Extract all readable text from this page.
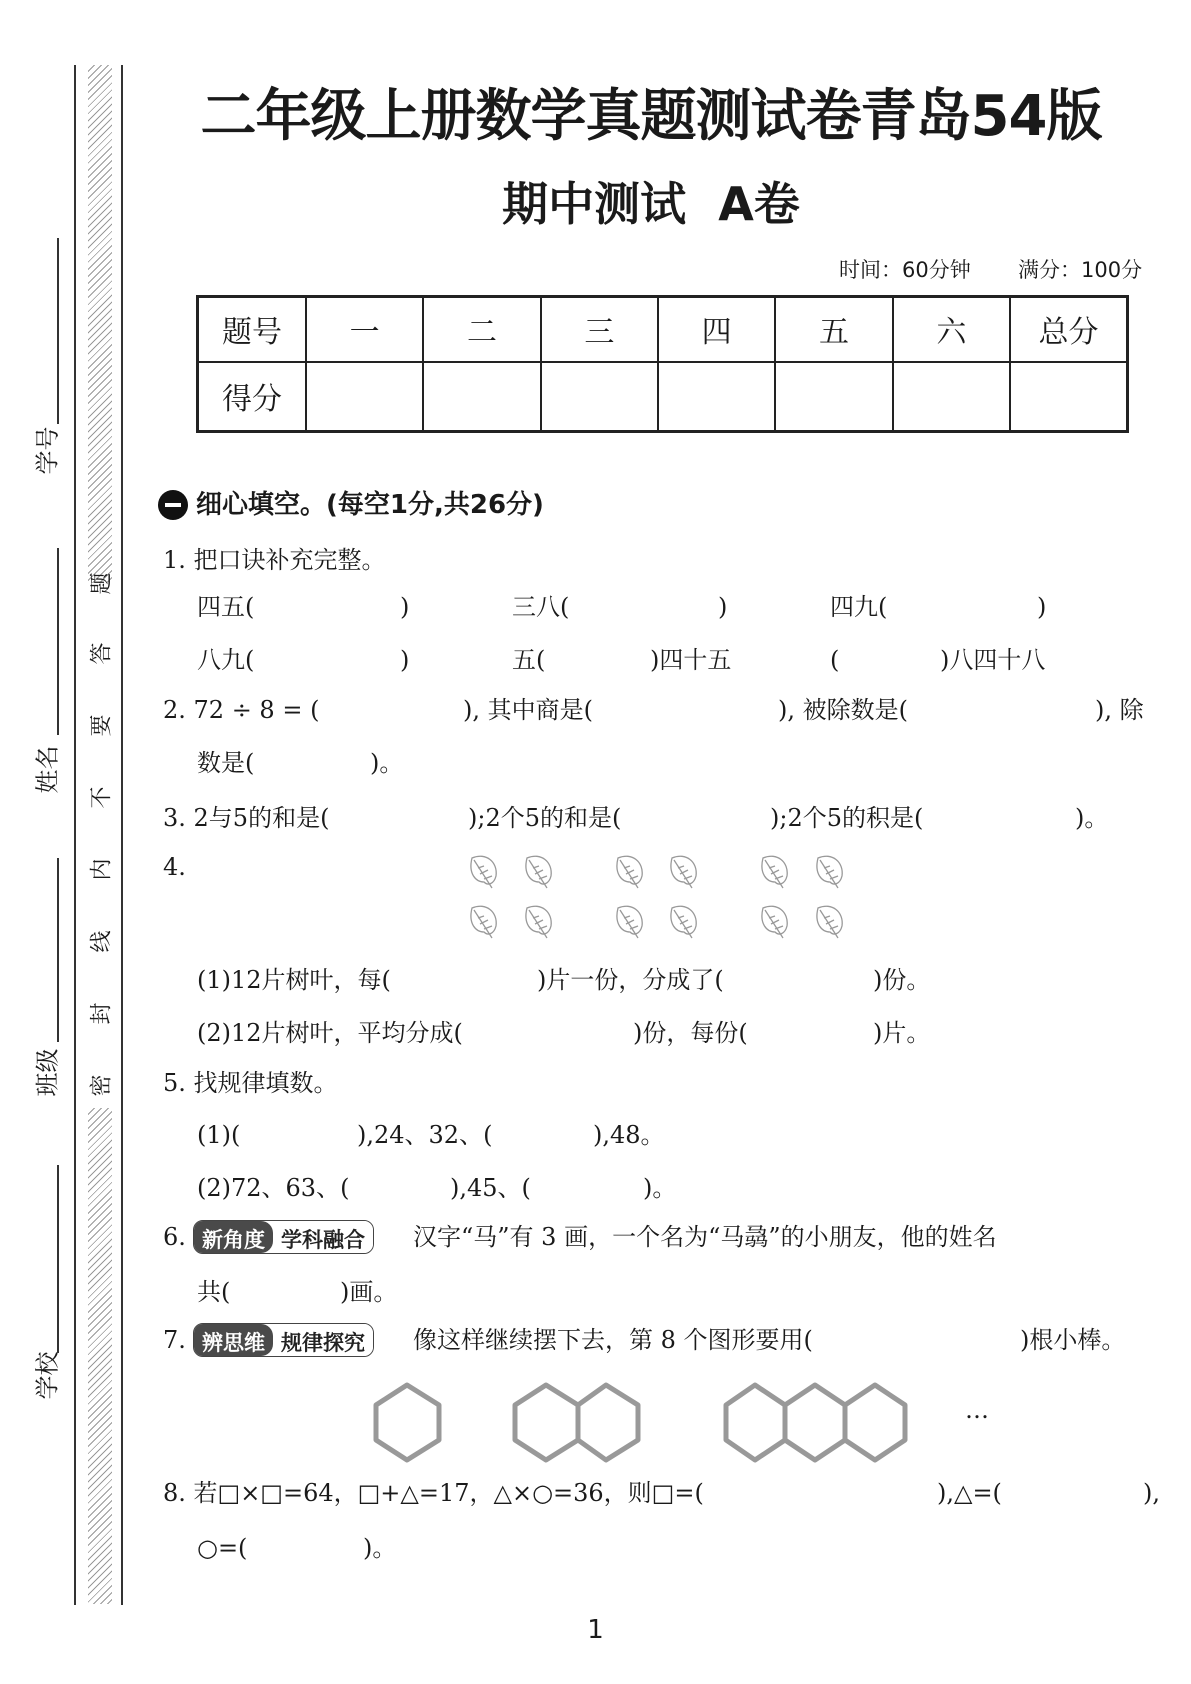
学号
姓名
班级
学校
密
封
线
内
不
要
答
题
二年级上册数学真题测试卷青岛54版
期中测试  A卷
时间：60分钟 满分：100分
题号	一	二	三	四	五	六	总分
得分							
细心填空。(每空1分,共26分)
1. 把口诀补充完整。
四五(	)	三八(	)	四九(	)
八九(	)	五(	)四十五	(	)八四十八
2. 72 ÷ 8 = (	), 其中商是(	), 被除数是(	), 除
数是(	)。
3. 2与5的和是(	);2个5的和是(	);2个5的积是(	)。
4.
(1)12片树叶，每(	)片一份，分成了(	)份。
(2)12片树叶，平均分成(	)份，每份(	)片。
5. 找规律填数。
(1)(	),24、32、(	),48。
(2)72、63、(	),45、(	)。
6. 新角度 学科融合	汉字“马”有 3 画，一个名为“马骉”的小朋友，他的姓名
共(	)画。
7. 辨思维 规律探究	像这样继续摆下去，第 8 个图形要用(	)根小棒。
…
8. 若□×□=64，□+△=17，△×○=36，则□=(	),△=(	),
○=(	)。
1
